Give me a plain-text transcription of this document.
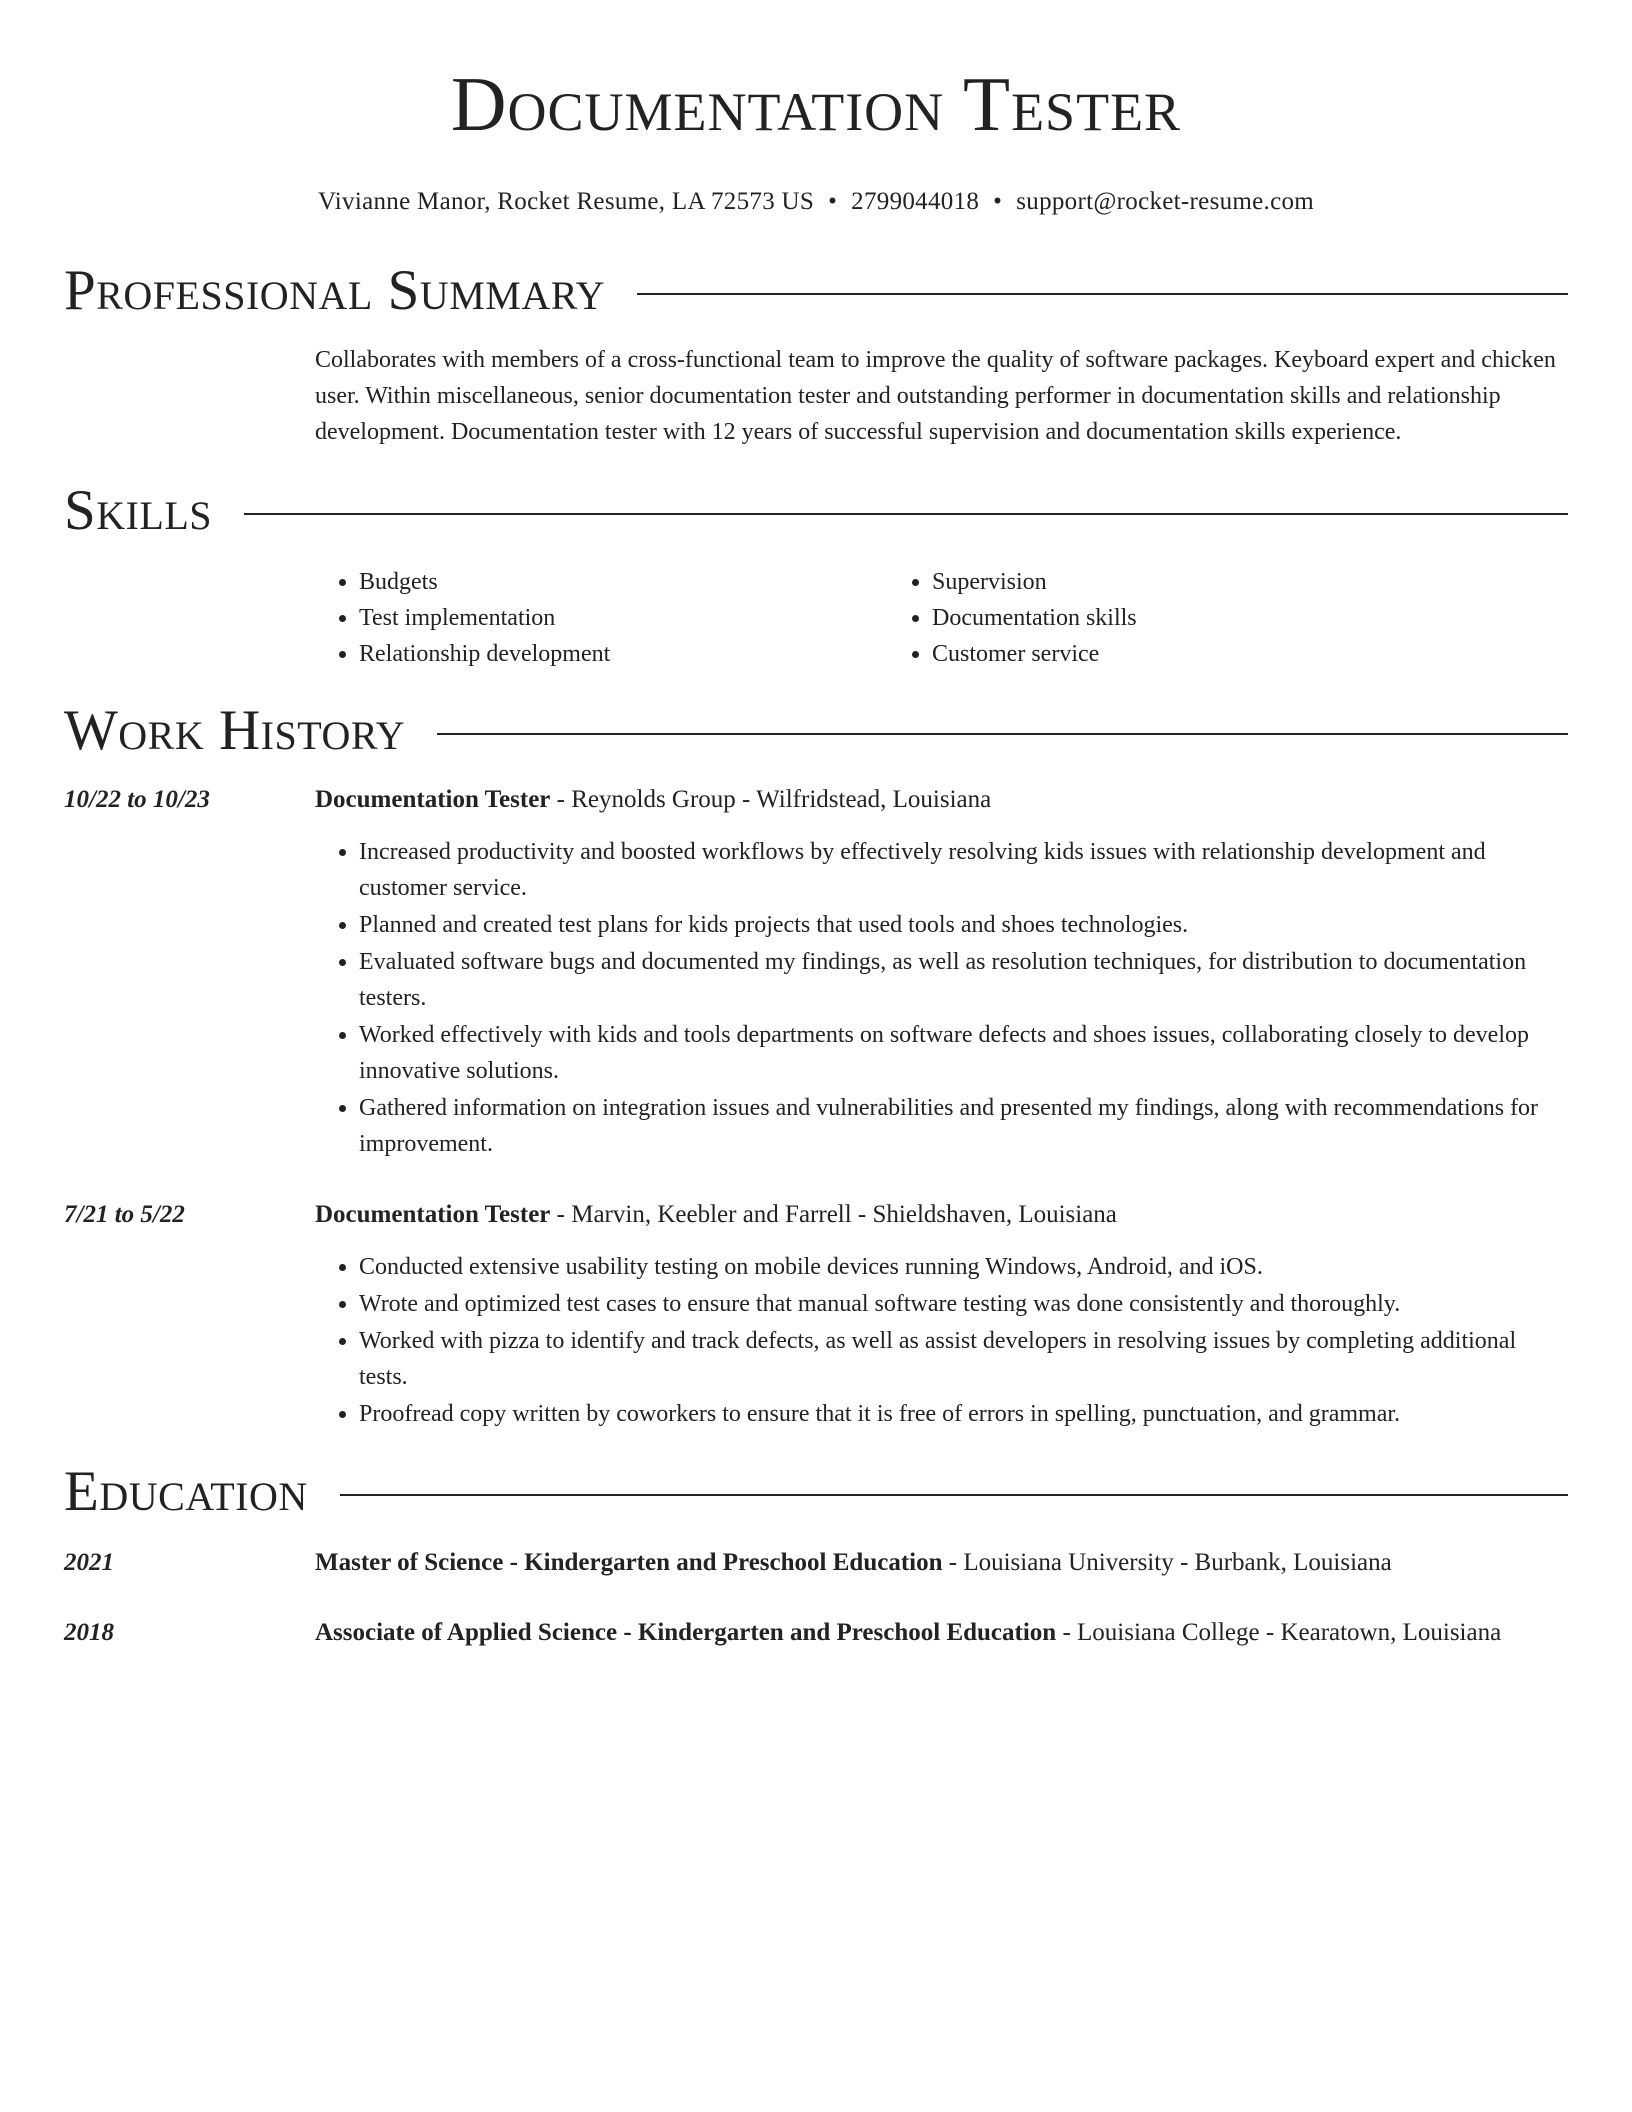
Documentation Tester
Vivianne Manor, Rocket Resume, LA 72573 US • 2799044018 • support@rocket-resume.com
Professional Summary
Collaborates with members of a cross-functional team to improve the quality of software packages. Keyboard expert and chicken user. Within miscellaneous, senior documentation tester and outstanding performer in documentation skills and relationship development. Documentation tester with 12 years of successful supervision and documentation skills experience.
Skills
• Budgets
• Test implementation
• Relationship development
• Supervision
• Documentation skills
• Customer service
Work History
10/22 to 10/23	Documentation Tester - Reynolds Group - Wilfridstead, Louisiana
• Increased productivity and boosted workflows by effectively resolving kids issues with relationship development and customer service.
• Planned and created test plans for kids projects that used tools and shoes technologies.
• Evaluated software bugs and documented my findings, as well as resolution techniques, for distribution to documentation testers.
• Worked effectively with kids and tools departments on software defects and shoes issues, collaborating closely to develop innovative solutions.
• Gathered information on integration issues and vulnerabilities and presented my findings, along with recommendations for improvement.
7/21 to 5/22	Documentation Tester - Marvin, Keebler and Farrell - Shieldshaven, Louisiana
• Conducted extensive usability testing on mobile devices running Windows, Android, and iOS.
• Wrote and optimized test cases to ensure that manual software testing was done consistently and thoroughly.
• Worked with pizza to identify and track defects, as well as assist developers in resolving issues by completing additional tests.
• Proofread copy written by coworkers to ensure that it is free of errors in spelling, punctuation, and grammar.
Education
2021	Master of Science - Kindergarten and Preschool Education - Louisiana University - Burbank, Louisiana
2018	Associate of Applied Science - Kindergarten and Preschool Education - Louisiana College - Kearatown, Louisiana
